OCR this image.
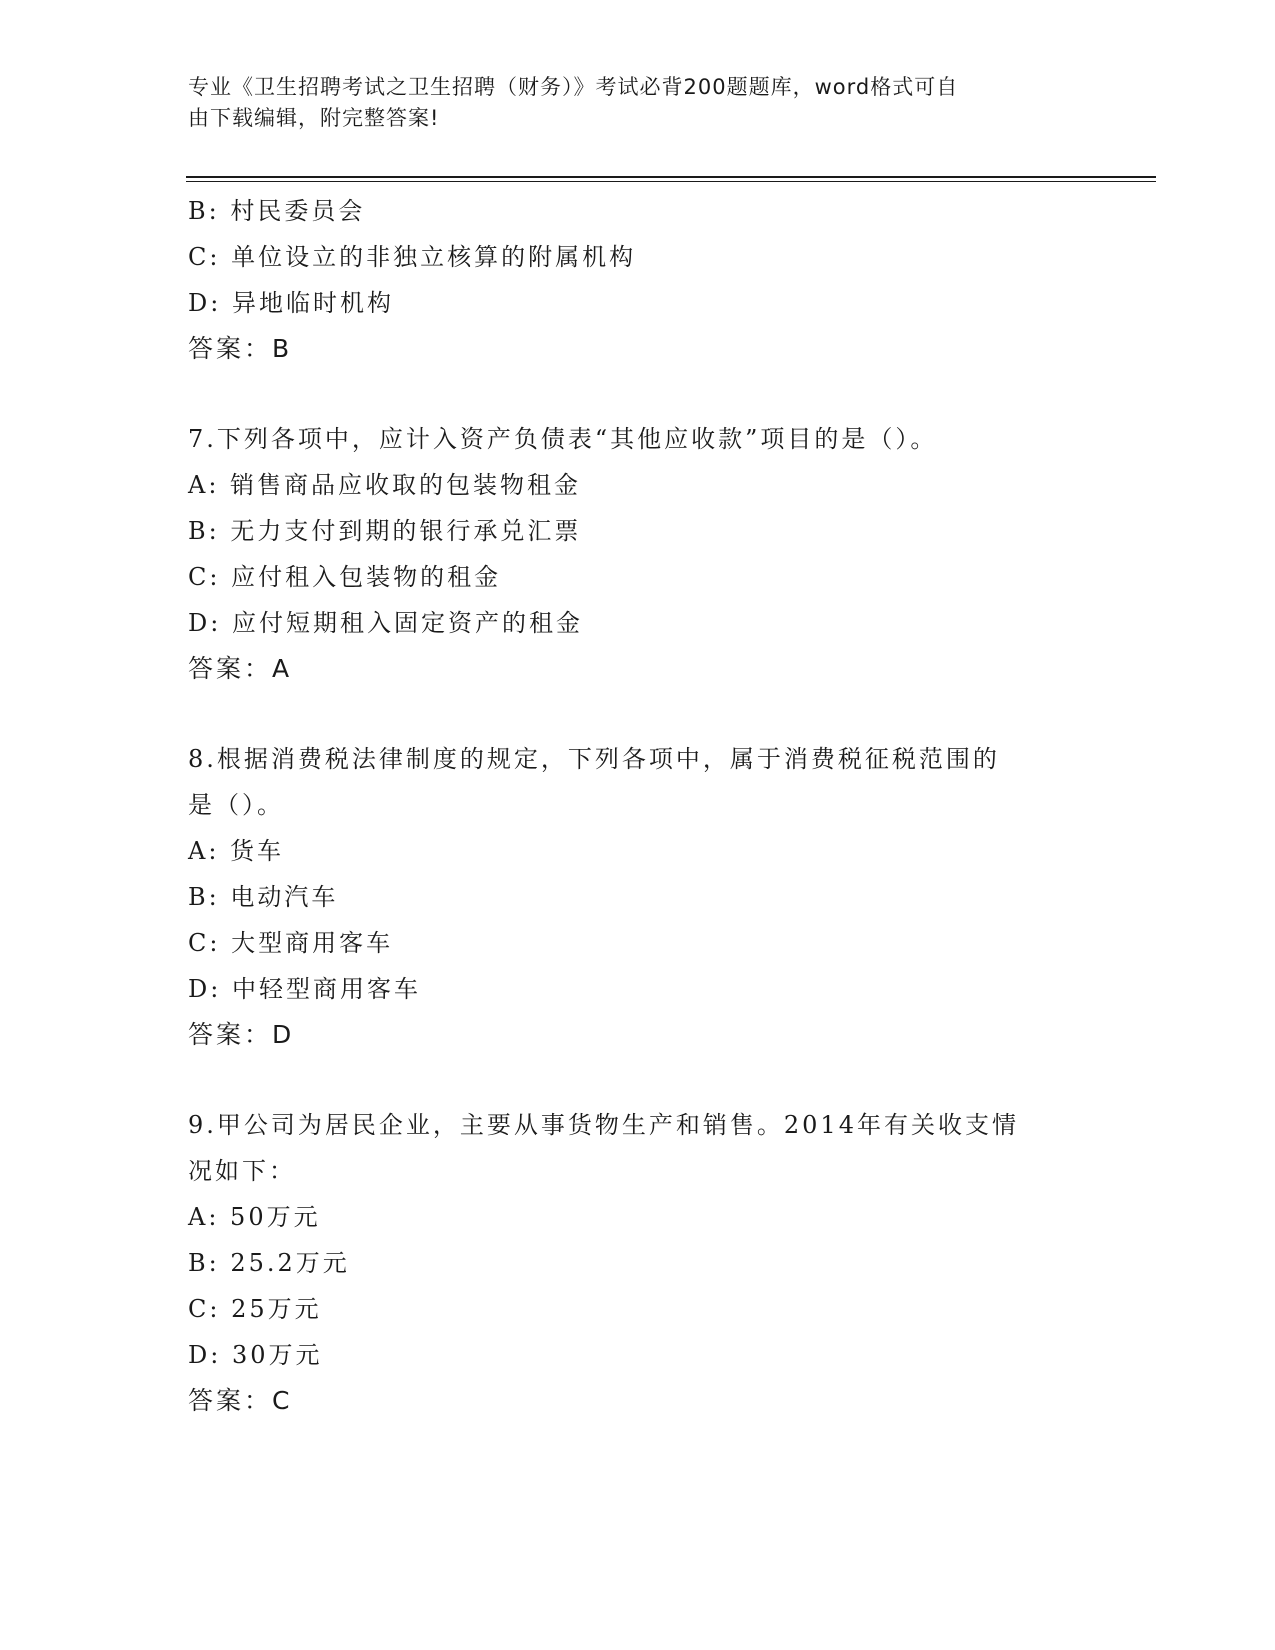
专业《卫生招聘考试之卫生招聘（财务）》考试必背200题题库，word格式可自
由下载编辑，附完整答案!
B: 村民委员会
C: 单位设立的非独立核算的附属机构
D: 异地临时机构
答案：B
7.下列各项中，应计入资产负债表“其他应收款”项目的是（）。
A: 销售商品应收取的包装物租金
B: 无力支付到期的银行承兑汇票
C: 应付租入包装物的租金
D: 应付短期租入固定资产的租金
答案：A
8.根据消费税法律制度的规定，下列各项中，属于消费税征税范围的
是（）。
A: 货车
B: 电动汽车
C: 大型商用客车
D: 中轻型商用客车
答案：D
9.甲公司为居民企业，主要从事货物生产和销售。2014年有关收支情
况如下：
A: 50万元
B: 25.2万元
C: 25万元
D: 30万元
答案：C
